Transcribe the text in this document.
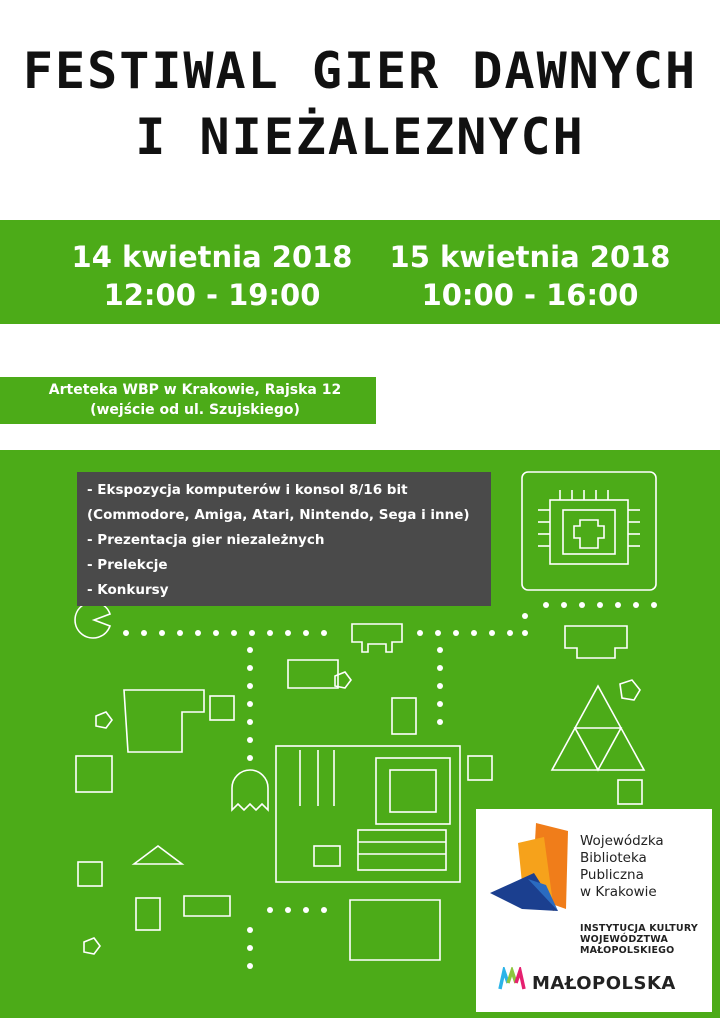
FESTIWAL GIER DAWNYCH
I NIEŻALEZNYCH
14 kwietnia 2018
12:00 - 19:00
15 kwietnia 2018
10:00 - 16:00
Arteteka WBP w Krakowie, Rajska 12
(wejście od ul. Szujskiego)
- Ekspozycja komputerów i konsol 8/16 bit
(Commodore, Amiga, Atari, Nintendo, Sega i inne)
- Prezentacja gier niezależnych
- Prelekcje
- Konkursy
Wojewódzka
Biblioteka
Publiczna
w Krakowie
INSTYTUCJA KULTURY
WOJEWÓDZTWA
MAŁOPOLSKIEGO
MAŁOPOLSKA
